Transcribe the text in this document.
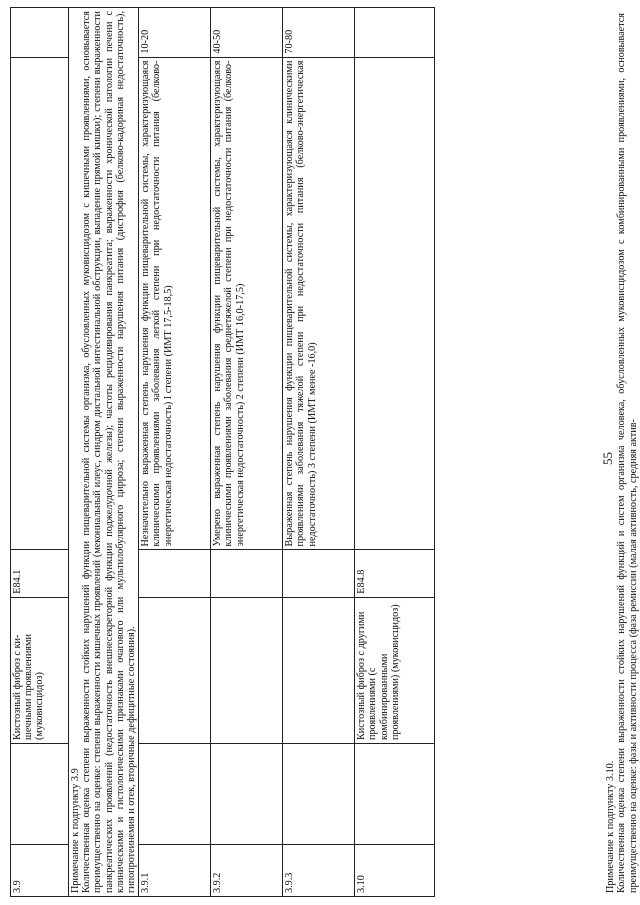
3.9		Кистозный фиброз с ки-шечными проявлениями (муковисцидоз)	E84.1		

Примечание к подпункту 3.9 Количественная оценка степени выраженности стойких нарушений функции пищеварительной системы организма, обусловленных муковисцидозом с кишечными проявлениями, основывается преимущественно на оценке: степени выраженности кишечных проявлений (мекониальный илеус, синдром дистальной интестинальной обструкции, выпадение прямой кишки); степени выраженности панкреатических проявлений (недостаточность внешнесекреторной функции поджелудочной железы); частоты рецидивирования панкреатита; выраженности хронической патологии печени с клиническими и гистологическими признаками очагового или мультилобулярного цирроза; степени выраженности нарушения питания (дистрофия (белково-кадориная недостаточность), гипопротеинемия и отек, вторичные дефицитные состояния).					

3.9.1				Незначительно выраженная степень нарушения функции пищеварительной системы, характеризующаяся клиническими проявлениями заболевания легкой степени при недостаточности питания (белково-энергетическая недостаточность) I степени (ИМТ 17,5-18,5)	10-20
3.9.2				Умерено выраженная степень нарушения функции пищеварительной системы, характеризующаяся клиническими проявлениями заболевания среднетяжелой степени при недостаточности питания (белково-энергетическая недостаточность) 2 степени (ИМТ 16,0-17,5)	40-50
3.9.3				Выраженная степень нарушения функции пищеварительной системы, характеризующаяся клиническими проявлениями заболевания тяжелой степени при недостаточности питания (белково-энергетическая недостаточность) 3 степени (ИМТ менее -16,0)	70-80
3.10		Кистозный фиброз с другими проявлениями (с комбинированными проявлениями) (муковисцидоз)	E84.8		
Примечание к подпункту 3.10. Количественная оценка степени выраженности стойких нарушений функций и систем организма человека, обусловленных муковисцидозом с комбинированными проявлениями, основывается преимущественно на оценке: фазы и активности процесса (фаза ремиссии (малая активность, средняя актив-
55
